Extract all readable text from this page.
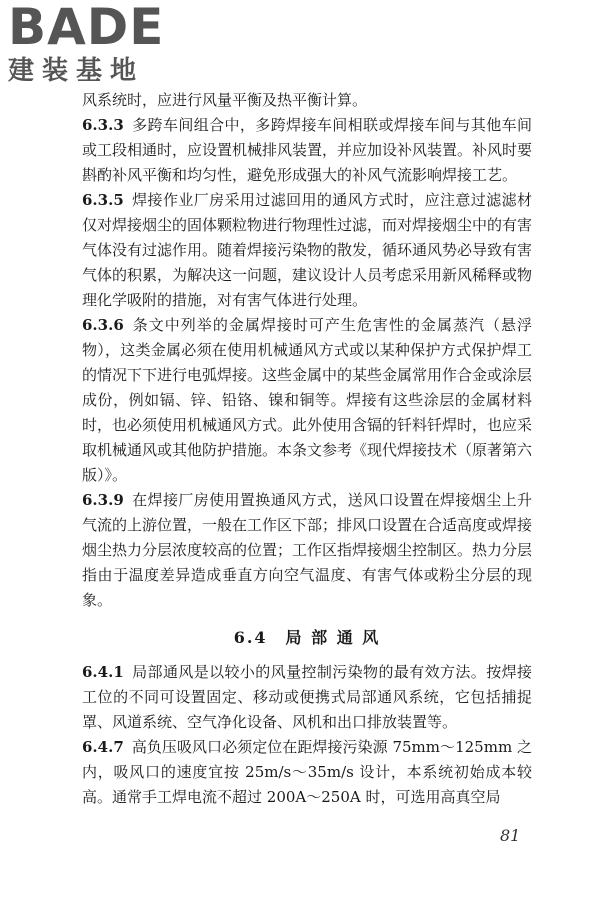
BADE
建装基地

风系统时，应进行风量平衡及热平衡计算。

6.3.3 多跨车间组合中，多跨焊接车间相联或焊接车间与其他车间或工段相通时，应设置机械排风装置，并应加设补风装置。补风时要斟酌补风平衡和均匀性，避免形成强大的补风气流影响焊接工艺。

6.3.5 焊接作业厂房采用过滤回用的通风方式时，应注意过滤滤材仅对焊接烟尘的固体颗粒物进行物理性过滤，而对焊接烟尘中的有害气体没有过滤作用。随着焊接污染物的散发，循环通风势必导致有害气体的积累，为解决这一问题，建议设计人员考虑采用新风稀释或物理化学吸附的措施，对有害气体进行处理。

6.3.6 条文中列举的金属焊接时可产生危害性的金属蒸汽（悬浮物），这类金属必须在使用机械通风方式或以某种保护方式保护焊工的情况下下进行电弧焊接。这些金属中的某些金属常用作合金或涂层成份，例如镉、锌、铅铬、镍和铜等。焊接有这些涂层的金属材料时，也必须使用机械通风方式。此外使用含镉的钎料钎焊时，也应采取机械通风或其他防护措施。本条文参考《现代焊接技术（原著第六版）》。

6.3.9 在焊接厂房使用置换通风方式，送风口设置在焊接烟尘上升气流的上游位置，一般在工作区下部；排风口设置在合适高度或焊接烟尘热力分层浓度较高的位置；工作区指焊接烟尘控制区。热力分层指由于温度差异造成垂直方向空气温度、有害气体或粉尘分层的现象。

6.4　局 部 通 风

6.4.1 局部通风是以较小的风量控制污染物的最有效方法。按焊接工位的不同可设置固定、移动或便携式局部通风系统，它包括捕捉罩、风道系统、空气净化设备、风机和出口排放装置等。

6.4.7 高负压吸风口必须定位在距焊接污染源 75mm～125mm 之内，吸风口的速度宜按 25m/s～35m/s 设计，本系统初始成本较高。通常手工焊电流不超过 200A～250A 时，可选用高真空局

81
